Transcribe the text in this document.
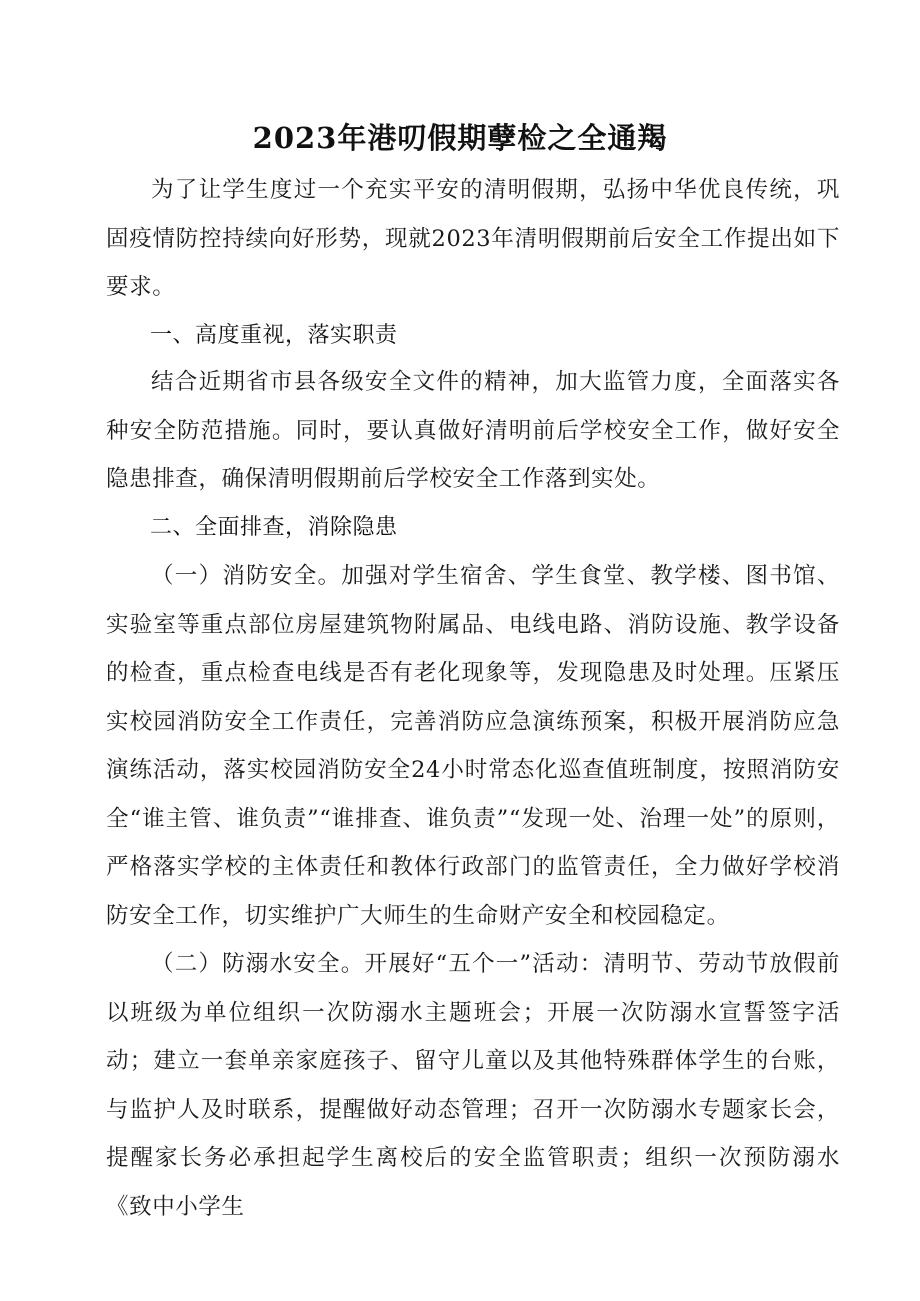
2023年港叨假期孽检之全通羯
为了让学生度过一个充实平安的清明假期，弘扬中华优良传统，巩固疫情防控持续向好形势，现就2023年清明假期前后安全工作提出如下要求。
一、高度重视，落实职责
结合近期省市县各级安全文件的精神，加大监管力度，全面落实各种安全防范措施。同时，要认真做好清明前后学校安全工作，做好安全隐患排查，确保清明假期前后学校安全工作落到实处。
二、全面排查，消除隐患
（一）消防安全。加强对学生宿舍、学生食堂、教学楼、图书馆、实验室等重点部位房屋建筑物附属品、电线电路、消防设施、教学设备的检查，重点检查电线是否有老化现象等，发现隐患及时处理。压紧压实校园消防安全工作责任，完善消防应急演练预案，积极开展消防应急演练活动，落实校园消防安全24小时常态化巡查值班制度，按照消防安全“谁主管、谁负责”“谁排查、谁负责”“发现一处、治理一处”的原则，严格落实学校的主体责任和教体行政部门的监管责任，全力做好学校消防安全工作，切实维护广大师生的生命财产安全和校园稳定。
（二）防溺水安全。开展好“五个一”活动：清明节、劳动节放假前以班级为单位组织一次防溺水主题班会；开展一次防溺水宣誓签字活动；建立一套单亲家庭孩子、留守儿童以及其他特殊群体学生的台账，与监护人及时联系，提醒做好动态管理；召开一次防溺水专题家长会，提醒家长务必承担起学生离校后的安全监管职责；组织一次预防溺水《致中小学生
